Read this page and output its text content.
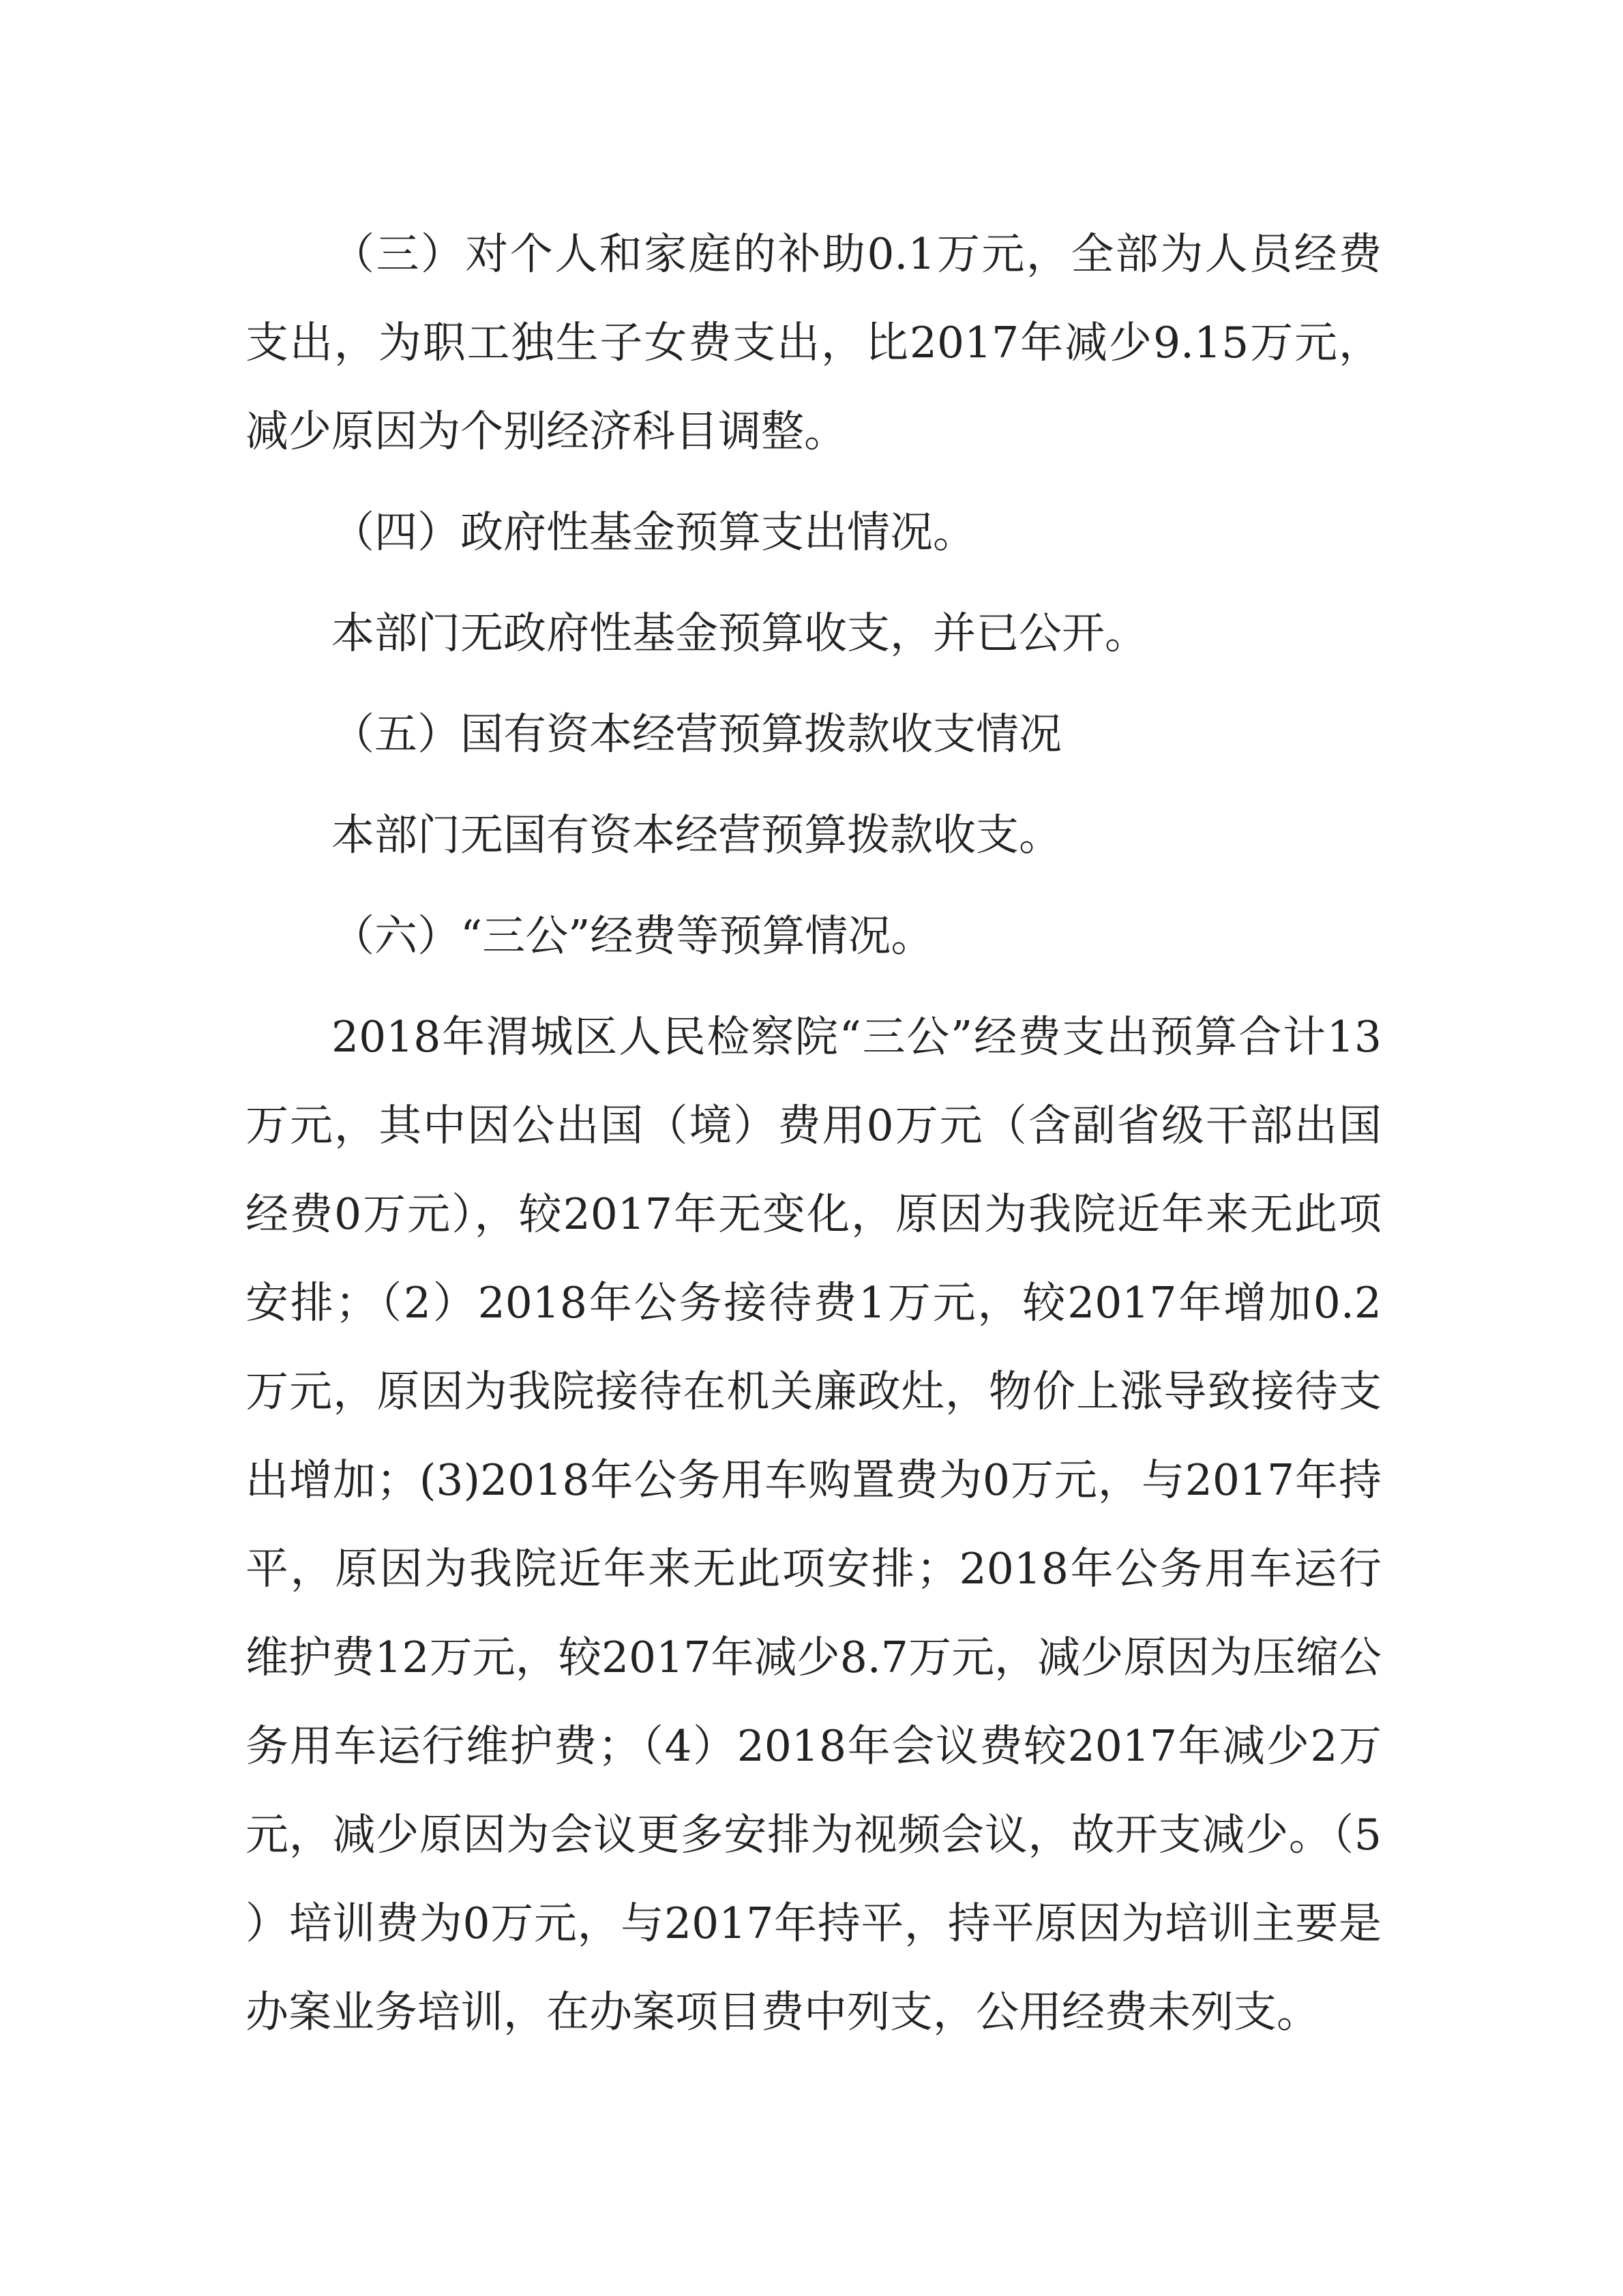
（三）对个人和家庭的补助0.1万元，全部为人员经费支出，为职工独生子女费支出，比2017年减少9.15万元，减少原因为个别经济科目调整。

（四）政府性基金预算支出情况。

本部门无政府性基金预算收支，并已公开。

（五）国有资本经营预算拨款收支情况

本部门无国有资本经营预算拨款收支。

（六）“三公”经费等预算情况。

2018年渭城区人民检察院“三公”经费支出预算合计13万元，其中因公出国（境）费用0万元（含副省级干部出国经费0万元），较2017年无变化，原因为我院近年来无此项安排；（2）2018年公务接待费1万元，较2017年增加0.2万元，原因为我院接待在机关廉政灶，物价上涨导致接待支出增加；(3)2018年公务用车购置费为0万元，与2017年持平，原因为我院近年来无此项安排；2018年公务用车运行维护费12万元，较2017年减少8.7万元，减少原因为压缩公务用车运行维护费；（4）2018年会议费较2017年减少2万元，减少原因为会议更多安排为视频会议，故开支减少。（5）培训费为0万元，与2017年持平，持平原因为培训主要是办案业务培训，在办案项目费中列支，公用经费未列支。
